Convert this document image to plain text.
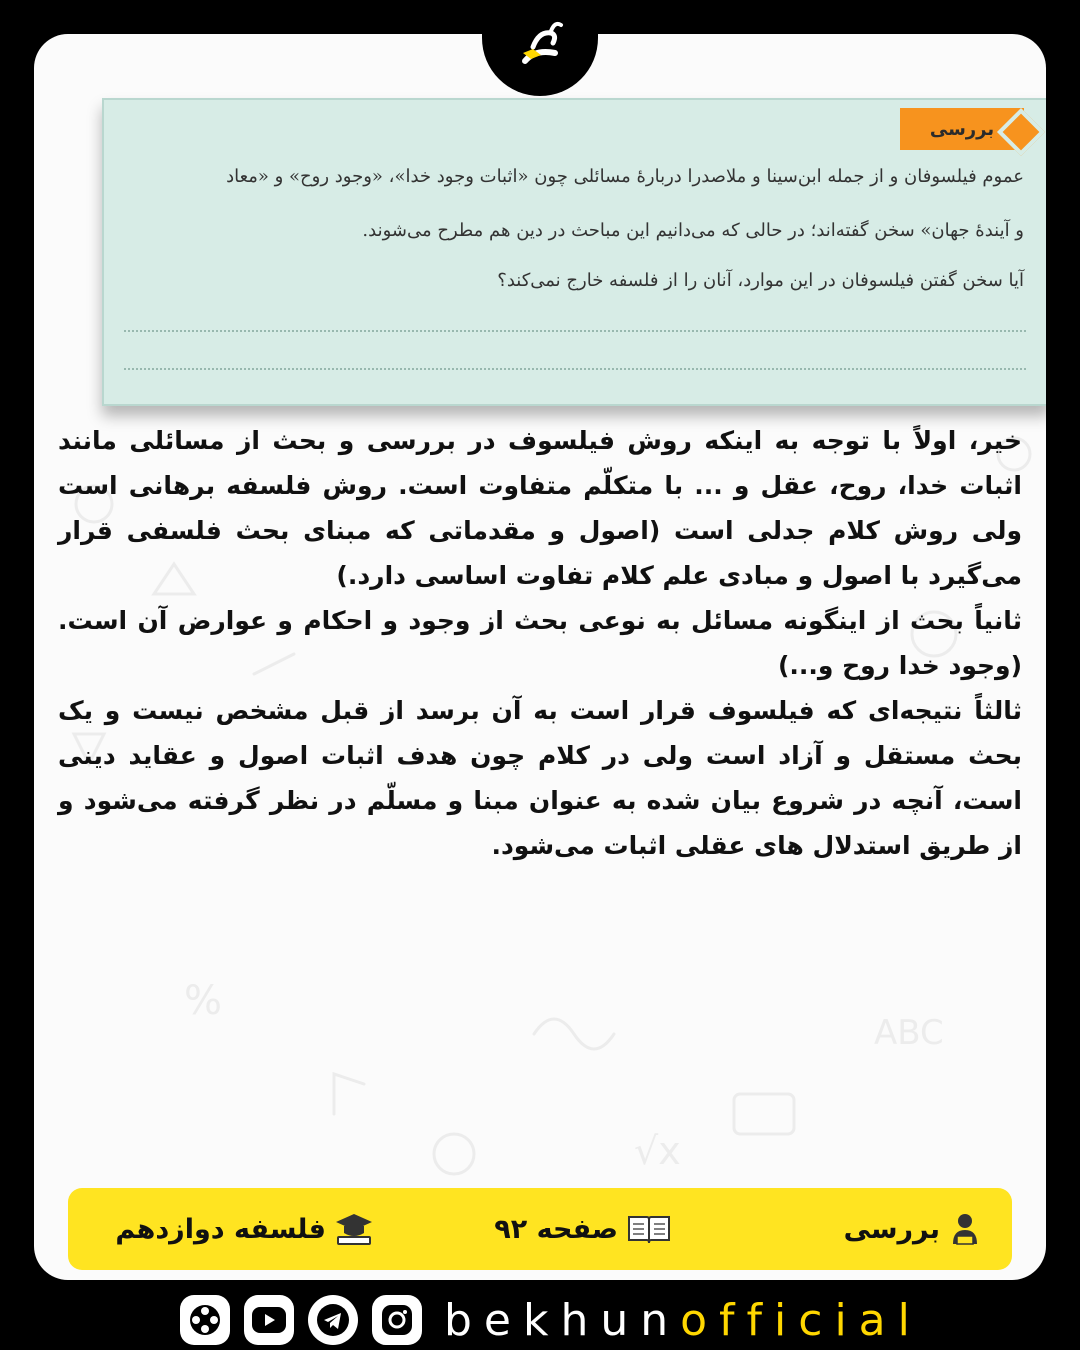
%
ABC
√x
بررسی

عموم فیلسوفان و از جمله ابن‌سینا و ملاصدرا دربارهٔ مسائلی چون «اثبات وجود خدا»، «وجود روح» و «معاد

و آیندهٔ جهان» سخن گفته‌اند؛ در حالی که می‌دانیم این مباحث در دین هم مطرح می‌شوند.

آیا سخن گفتن فیلسوفان در این موارد، آنان را از فلسفه خارج نمی‌کند؟

بررسی
صفحه ۹۲
فلسفه دوازدهم

خیر، اولاً با توجه به اینکه روش فیلسوف در بررسی و بحث از مسائلی مانند اثبات خدا، روح، عقل و ... با متکلّم متفاوت است. روش فلسفه برهانی است ولی روش کلام جدلی است (اصول و مقدماتی که مبنای بحث فلسفی قرار می‌گیرد با اصول و مبادی علم کلام تفاوت اساسی دارد.)

ثانیاً بحث از اینگونه مسائل به نوعی بحث از وجود و احکام و عوارض آن است. (وجود خدا روح و...)

ثالثاً نتیجه‌ای که فیلسوف قرار است به آن برسد از قبل مشخص نیست و یک بحث مستقل و آزاد است ولی در کلام چون هدف اثبات اصول و عقاید دینی است، آنچه در شروع بیان شده به عنوان مبنا و مسلّم در نظر گرفته می‌شود و از طریق استدلال های عقلی اثبات می‌شود.

bekhunofficial
